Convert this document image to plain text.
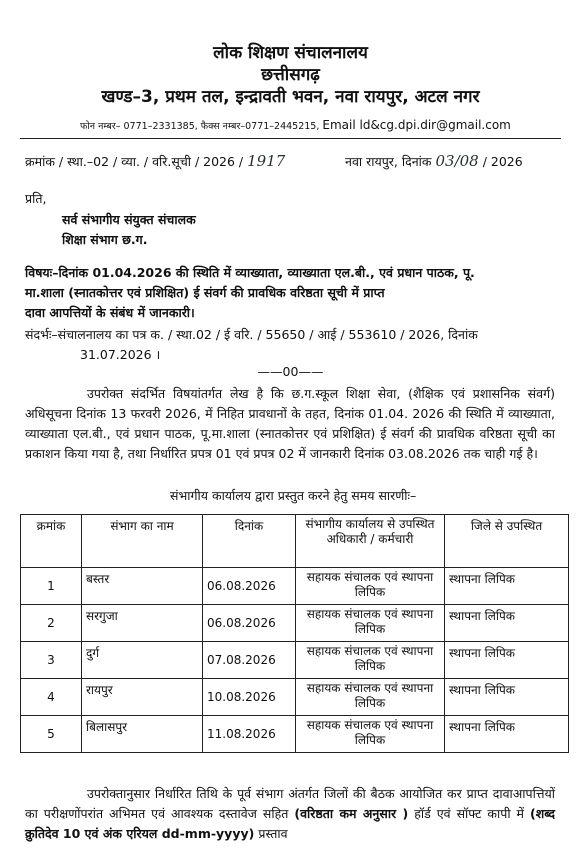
लोक शिक्षण संचालनालय
छत्तीसगढ़
खण्ड–3, प्रथम तल, इन्द्रावती भवन, नवा रायपुर, अटल नगर
फोन नम्बर– 0771–2331385, फैक्स नम्बर–0771–2445215, Email ld&cg.dpi.dir@gmail.com
क्रमांक / स्था.–02 / व्या. / वरि.सूची / 2026 / 1917	नवा रायपुर, दिनांक 03/08 / 2026
प्रति,
सर्व संभागीय संयुक्त संचालक
शिक्षा संभाग छ.ग.
विषयः–दिनांक 01.04.2026 की स्थिति में व्याख्याता, व्याख्याता एल.बी., एवं प्रधान पाठक, पू.
मा.शाला (स्नातकोत्तर एवं प्रशिक्षित) ई संवर्ग की प्रावधिक वरिष्ठता सूची में प्राप्त
दावा आपत्तियों के संबंध में जानकारी।
संदर्भः–संचालनालय का पत्र क. / स्था.02 / ई वरि. / 55650 / आई / 553610 / 2026, दिनांक
31.07.2026 ।
——00——
उपरोक्त संदर्भित विषयांतर्गत लेख है कि छ.ग.स्कूल शिक्षा सेवा, (शैक्षिक एवं प्रशासनिक संवर्ग) अधिसूचना दिनांक 13 फरवरी 2026, में निहित प्रावधानों के तहत, दिनांक 01.04. 2026 की स्थिति में व्याख्याता, व्याख्याता एल.बी., एवं प्रधान पाठक, पू.मा.शाला (स्नातकोत्तर एवं प्रशिक्षित) ई संवर्ग की प्रावधिक वरिष्ठता सूची का प्रकाशन किया गया है, तथा निर्धारित प्रपत्र 01 एवं प्रपत्र 02 में जानकारी दिनांक 03.08.2026 तक चाही गई है।
संभागीय कार्यालय द्वारा प्रस्तुत करने हेतु समय सारणीः–
क्रमांक	संभाग का नाम	दिनांक	संभागीय कार्यालय से उपस्थित अधिकारी / कर्मचारी	जिले से उपस्थित
1	बस्तर	06.08.2026	सहायक संचालक एवं स्थापना लिपिक	स्थापना लिपिक
2	सरगुजा	06.08.2026	सहायक संचालक एवं स्थापना लिपिक	स्थापना लिपिक
3	दुर्ग	07.08.2026	सहायक संचालक एवं स्थापना लिपिक	स्थापना लिपिक
4	रायपुर	10.08.2026	सहायक संचालक एवं स्थापना लिपिक	स्थापना लिपिक
5	बिलासपुर	11.08.2026	सहायक संचालक एवं स्थापना लिपिक	स्थापना लिपिक
उपरोक्तानुसार निर्धारित तिथि के पूर्व संभाग अंतर्गत जिलों की बैठक आयोजित कर प्राप्त दावाआपत्तियों का परीक्षणोंपरांत अभिमत एवं आवश्यक दस्तावेज सहित (वरिष्ठता कम अनुसार ) हॉर्ड एवं सॉफ्ट कापी में (शब्द क्रुतिदेव 10 एवं अंक एरियल dd-mm-yyyy) प्रस्ताव
